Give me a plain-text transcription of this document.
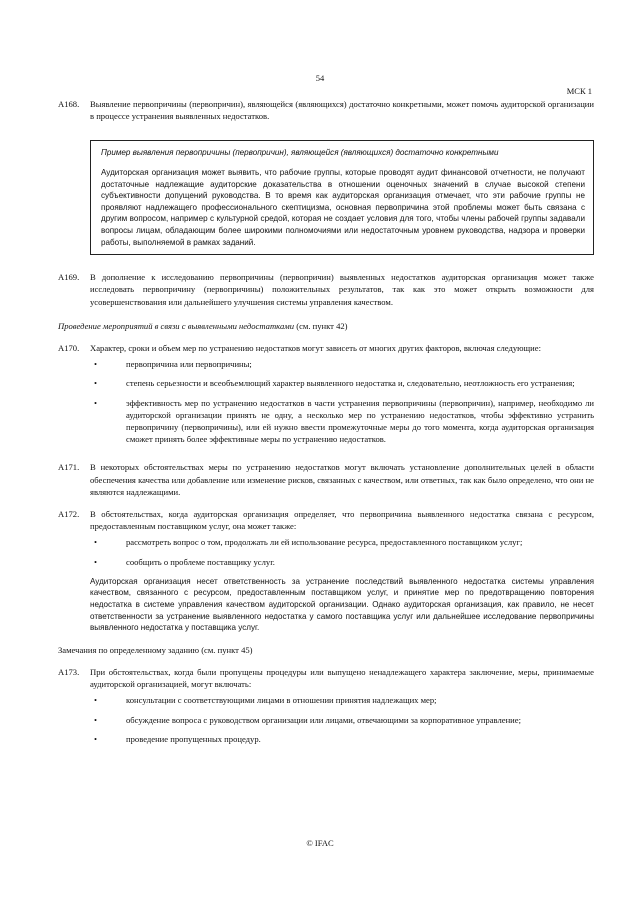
54
МСК 1
A168.	Выявление первопричины (первопричин), являющейся (являющихся) достаточно конкретными, может помочь аудиторской организации в процессе устранения выявленных недостатков.
Пример выявления первопричины (первопричин), являющейся (являющихся) достаточно конкретными
Аудиторская организация может выявить, что рабочие группы, которые проводят аудит финансовой отчетности, не получают достаточные надлежащие аудиторские доказательства в отношении оценочных значений в случае высокой степени субъективности допущений руководства. В то время как аудиторская организация отмечает, что эти рабочие группы не проявляют надлежащего профессионального скептицизма, основная первопричина этой проблемы может быть связана с другим вопросом, например с культурной средой, которая не создает условия для того, чтобы члены рабочей группы задавали вопросы лицам, обладающим более широкими полномочиями или недостаточным уровнем руководства, надзора и проверки работы, выполняемой в рамках заданий.
A169.	В дополнение к исследованию первопричины (первопричин) выявленных недостатков аудиторская организация может также исследовать первопричину (первопричины) положительных результатов, так как это может открыть возможности для усовершенствования или дальнейшего улучшения системы управления качеством.
Проведение мероприятий в связи с выявленными недостатками (см. пункт 42)
A170.	Характер, сроки и объем мер по устранению недостатков могут зависеть от многих других факторов, включая следующие:
•	первопричина или первопричины;
•	степень серьезности и всеобъемлющий характер выявленного недостатка и, следовательно, неотложность его устранения;
•	эффективность мер по устранению недостатков в части устранения первопричины (первопричин), например, необходимо ли аудиторской организации принять не одну, а несколько мер по устранению недостатков, чтобы эффективно устранить первопричину (первопричины), или ей нужно ввести промежуточные меры до того момента, когда аудиторская организация сможет принять более эффективные меры по устранению недостатков.
A171.	В некоторых обстоятельствах меры по устранению недостатков могут включать установление дополнительных целей в области обеспечения качества или добавление или изменение рисков, связанных с качеством, или ответных, так как было определено, что они не являются надлежащими.
A172.	В обстоятельствах, когда аудиторская организация определяет, что первопричина выявленного недостатка связана с ресурсом, предоставленным поставщиком услуг, она может также:
•	рассмотреть вопрос о том, продолжать ли ей использование ресурса, предоставленного поставщиком услуг;
•	сообщить о проблеме поставщику услуг.
Аудиторская организация несет ответственность за устранение последствий выявленного недостатка системы управления качеством, связанного с ресурсом, предоставленным поставщиком услуг, и принятие мер по предотвращению повторения недостатка в системе управления качеством аудиторской организации. Однако аудиторская организация, как правило, не несет ответственности за устранение выявленного недостатка у самого поставщика услуг или дальнейшее исследование первопричины выявленного недостатка у поставщика услуг.
Замечания по определенному заданию (см. пункт 45)
A173.	При обстоятельствах, когда были пропущены процедуры или выпущено ненадлежащего характера заключение, меры, принимаемые аудиторской организацией, могут включать:
•	консультации с соответствующими лицами в отношении принятия надлежащих мер;
•	обсуждение вопроса с руководством организации или лицами, отвечающими за корпоративное управление;
•	проведение пропущенных процедур.
© IFAC
